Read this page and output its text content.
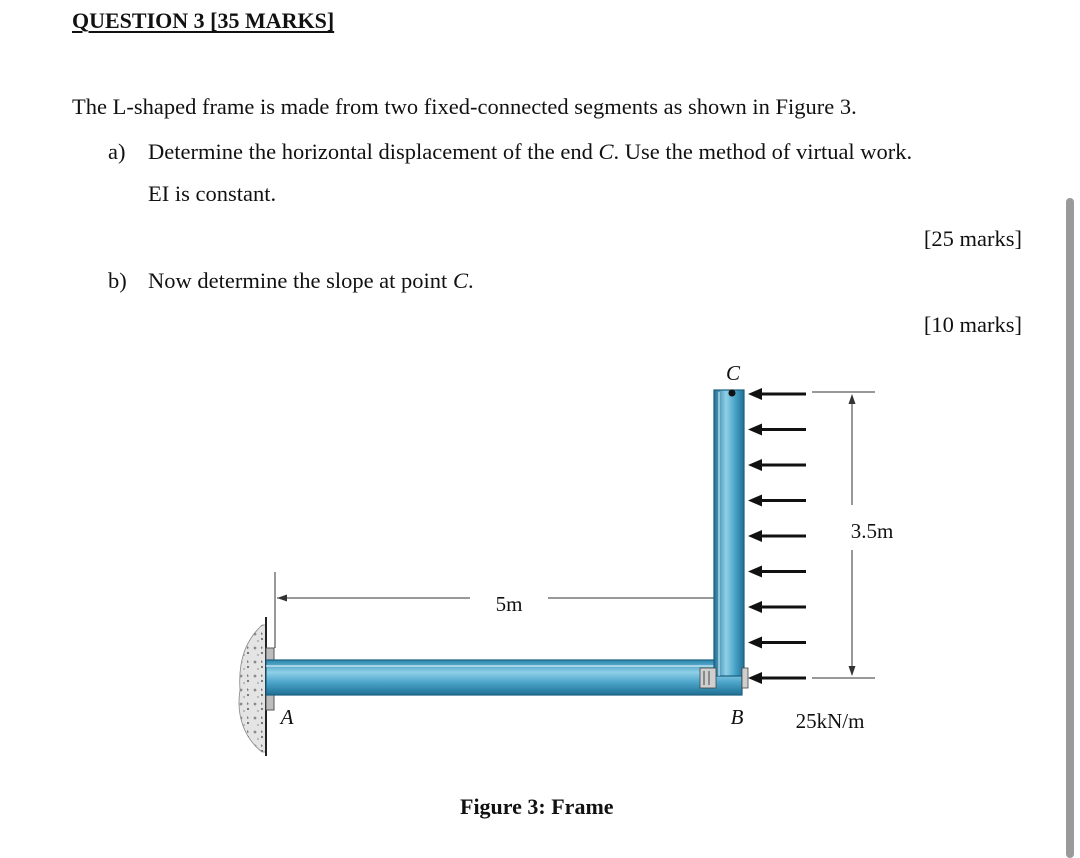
QUESTION 3 [35 MARKS]
The L-shaped frame is made from two fixed-connected segments as shown in Figure 3.
a) Determine the horizontal displacement of the end C. Use the method of virtual work.
EI is constant.
[25 marks]
b) Now determine the slope at point C.
[10 marks]
5m
C
A	B
3.5m
25kN/m
Figure 3: Frame
